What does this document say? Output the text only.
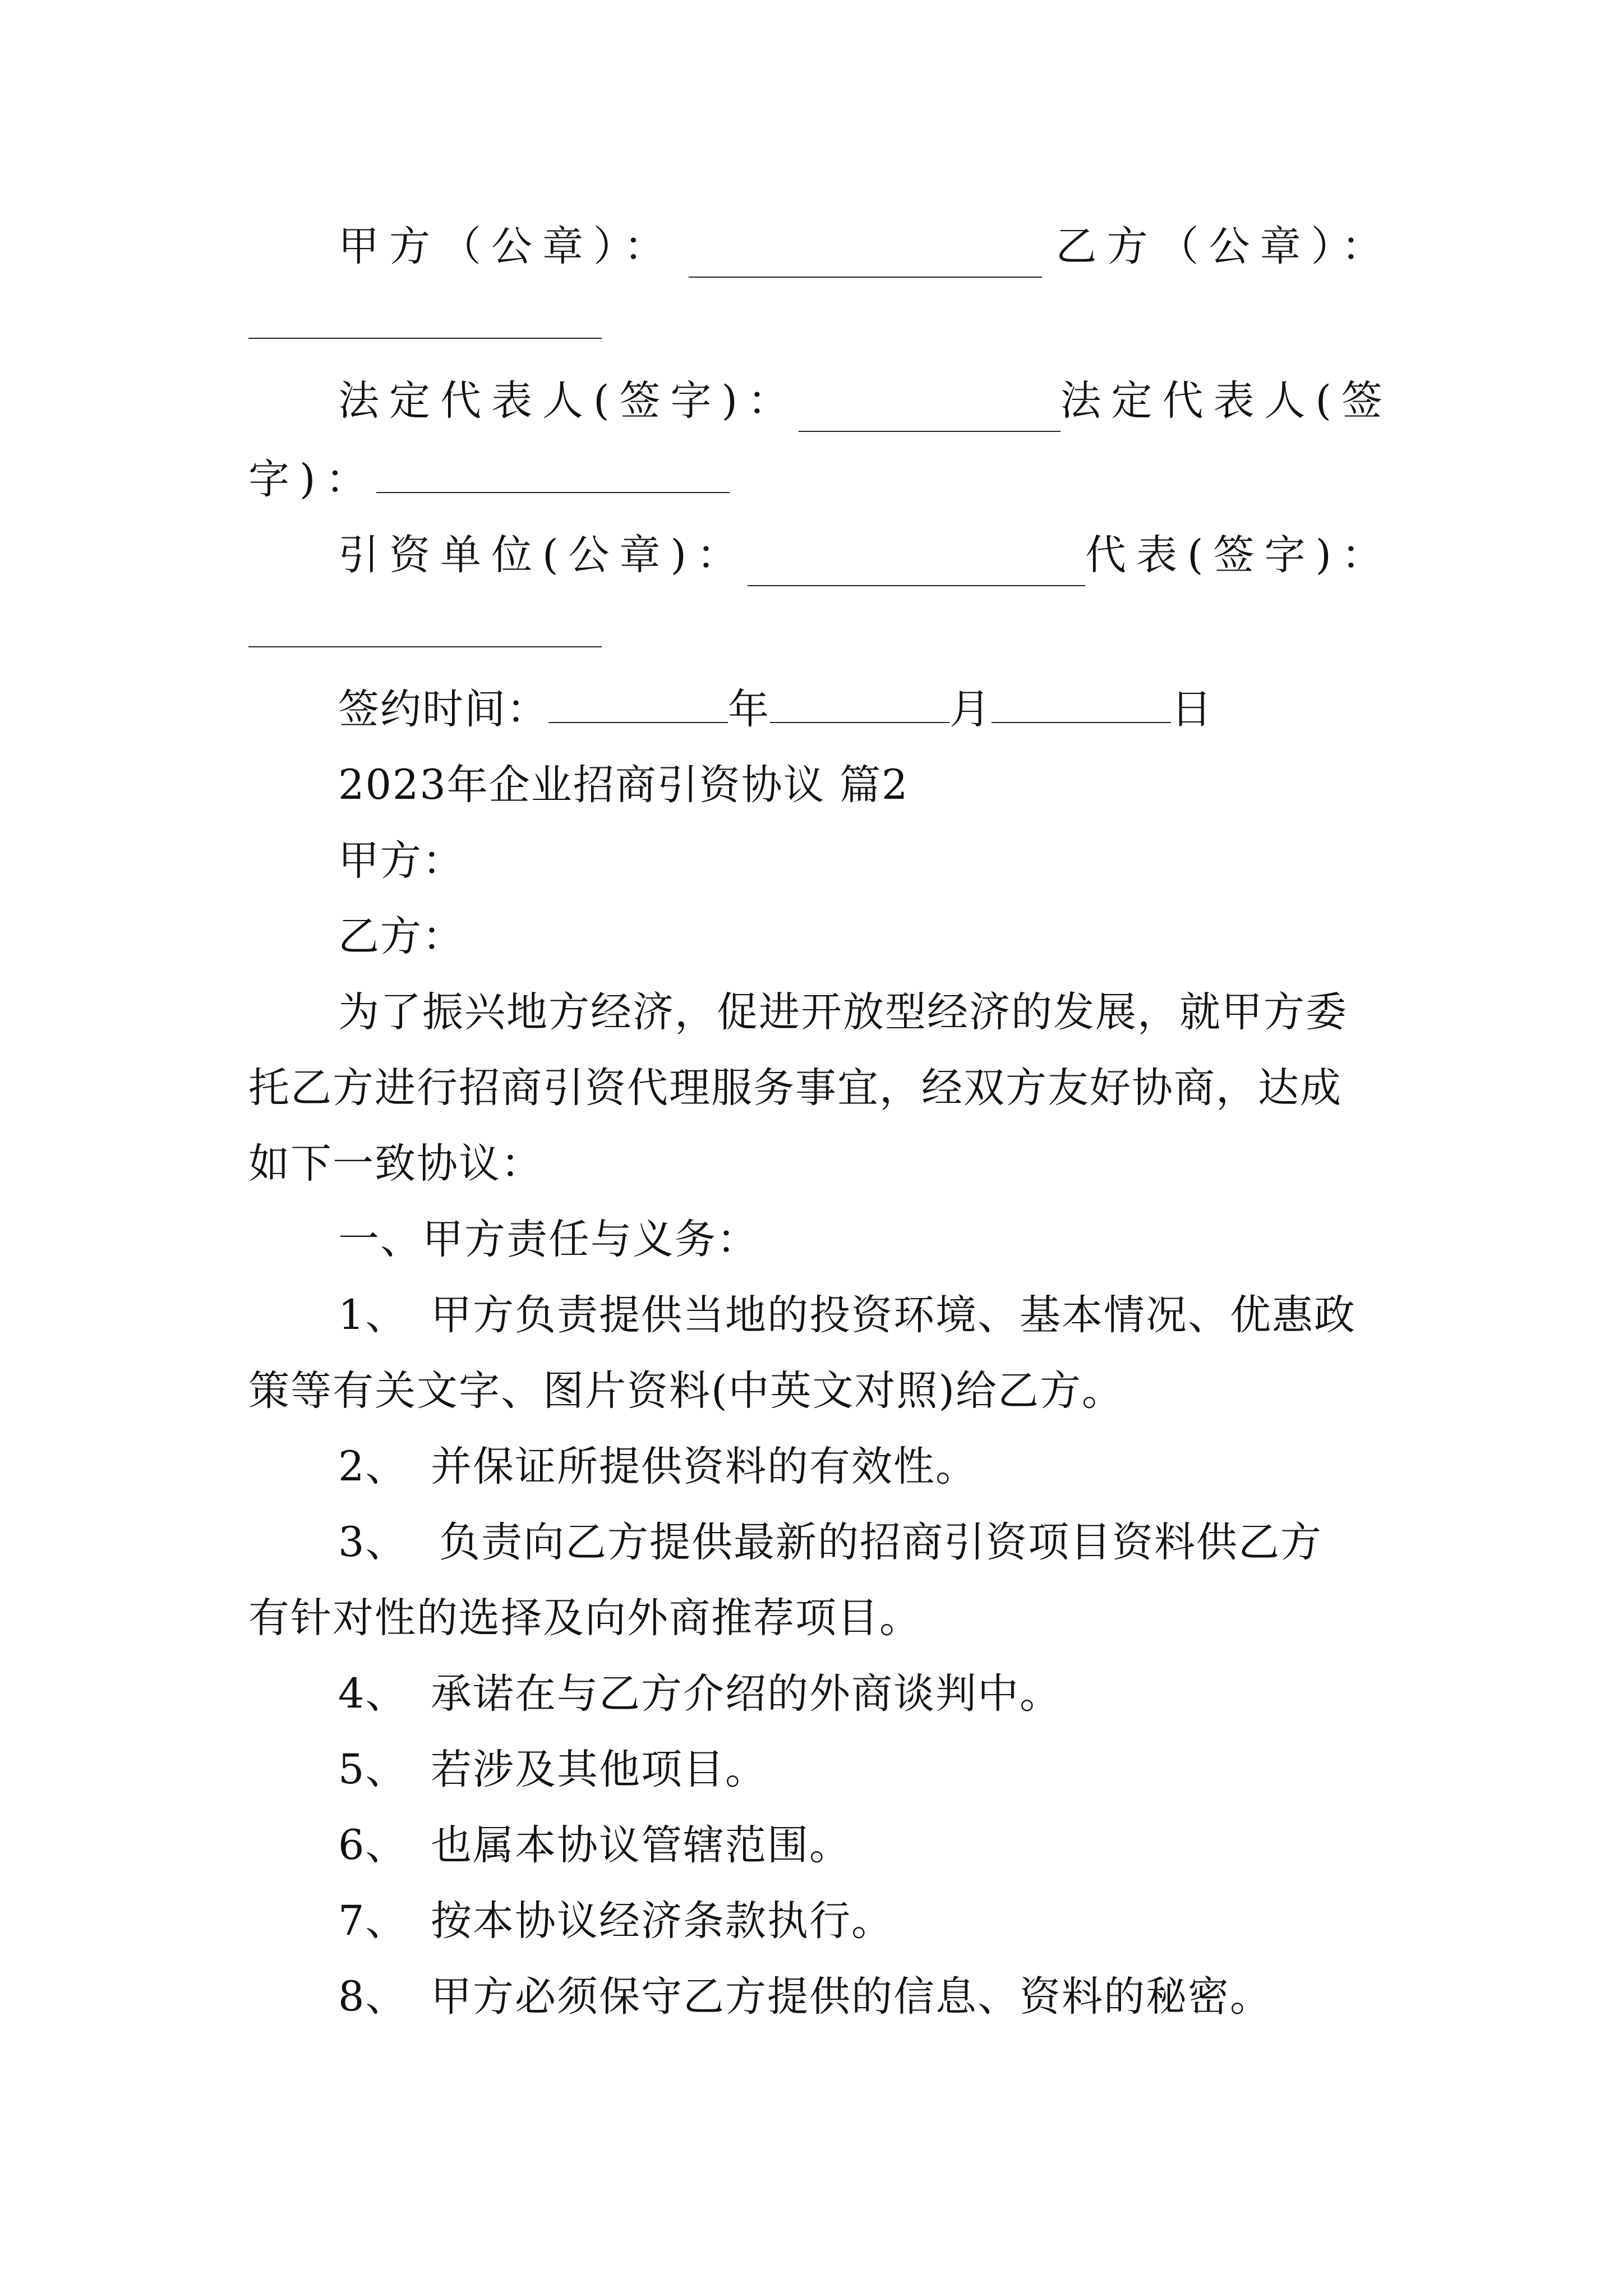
甲方（公章）：	乙方（公章）：
法定代表人(签字)：	法定代表人(签
字)：
引资单位(公章)：	代表(签字)：
签约时间：	年	月	日
2023年企业招商引资协议 篇2
甲方：
乙方：
为了振兴地方经济，促进开放型经济的发展，就甲方委
托乙方进行招商引资代理服务事宜，经双方友好协商，达成
如下一致协议：
一、甲方责任与义务：
1、 甲方负责提供当地的投资环境、基本情况、优惠政
策等有关文字、图片资料(中英文对照)给乙方。
2、 并保证所提供资料的有效性。
3、 负责向乙方提供最新的招商引资项目资料供乙方
有针对性的选择及向外商推荐项目。
4、 承诺在与乙方介绍的外商谈判中。
5、 若涉及其他项目。
6、 也属本协议管辖范围。
7、 按本协议经济条款执行。
8、 甲方必须保守乙方提供的信息、资料的秘密。
